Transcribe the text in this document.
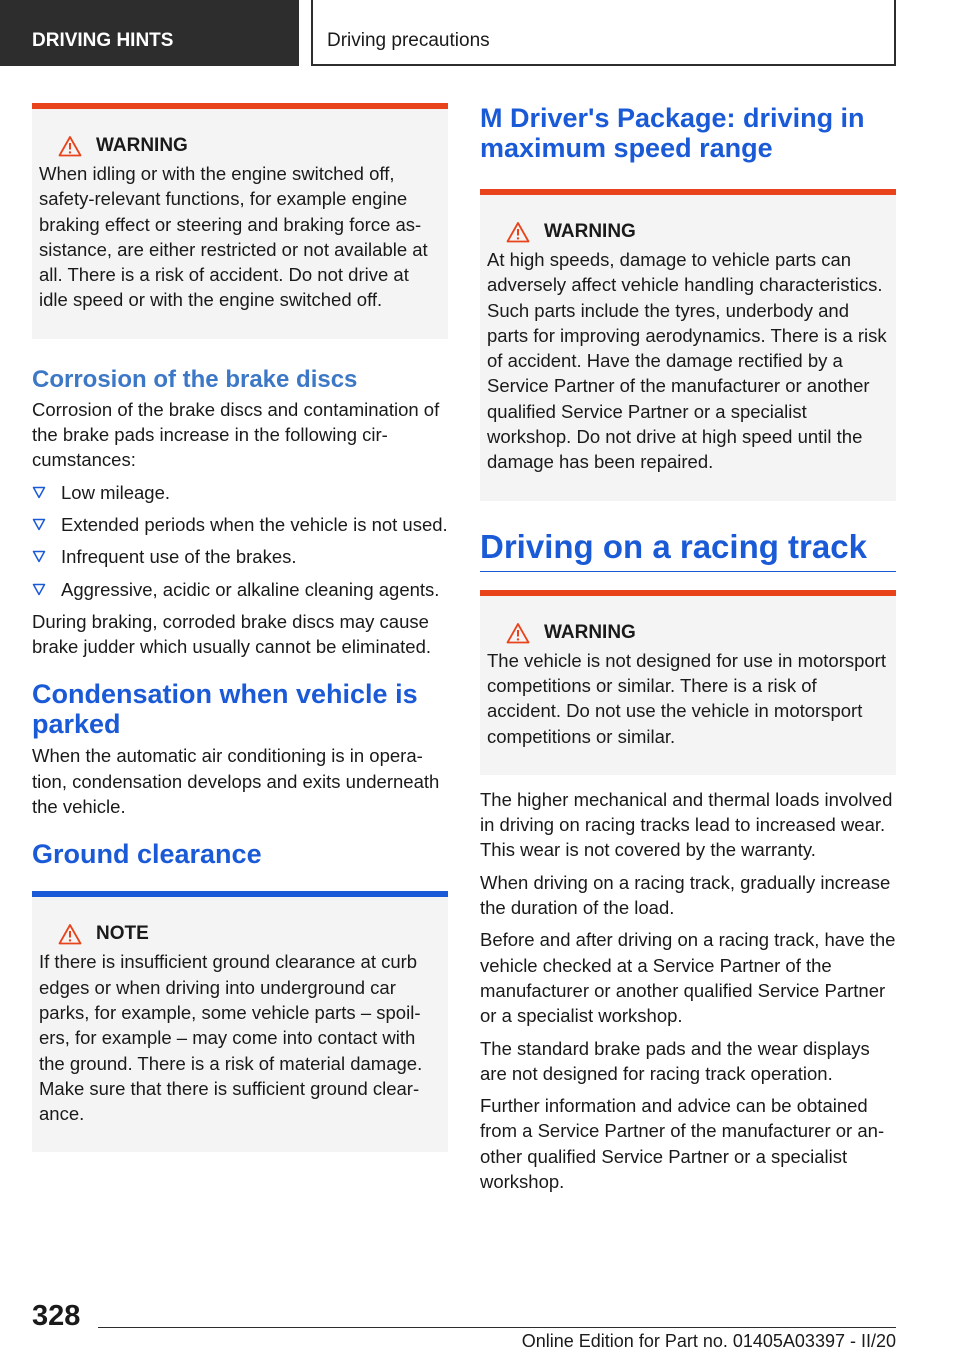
DRIVING HINTS	Driving precautions
WARNING
When idling or with the engine switched off, safety-relevant functions, for example engine braking effect or steering and braking force assistance, are either restricted or not available at all. There is a risk of accident. Do not drive at idle speed or with the engine switched off.
Corrosion of the brake discs

Corrosion of the brake discs and contamination of the brake pads increase in the following circumstances:

Low mileage.
Extended periods when the vehicle is not used.
Infrequent use of the brakes.
Aggressive, acidic or alkaline cleaning agents.

During braking, corroded brake discs may cause brake judder which usually cannot be eliminated.

Condensation when vehicle is parked

When the automatic air conditioning is in operation, condensation develops and exits underneath the vehicle.

Ground clearance
NOTE
If there is insufficient ground clearance at curb edges or when driving into underground car parks, for example, some vehicle parts – spoilers, for example – may come into contact with the ground. There is a risk of material damage. Make sure that there is sufficient ground clearance.
M Driver's Package: driving in maximum speed range
WARNING
At high speeds, damage to vehicle parts can adversely affect vehicle handling characteristics. Such parts include the tyres, underbody and parts for improving aerodynamics. There is a risk of accident. Have the damage rectified by a Service Partner of the manufacturer or another qualified Service Partner or a specialist workshop. Do not drive at high speed until the damage has been repaired.
Driving on a racing track
WARNING
The vehicle is not designed for use in motorsport competitions or similar. There is a risk of accident. Do not use the vehicle in motorsport competitions or similar.

The higher mechanical and thermal loads involved in driving on racing tracks lead to increased wear. This wear is not covered by the warranty.

When driving on a racing track, gradually increase the duration of the load.

Before and after driving on a racing track, have the vehicle checked at a Service Partner of the manufacturer or another qualified Service Partner or a specialist workshop.

The standard brake pads and the wear displays are not designed for racing track operation.

Further information and advice can be obtained from a Service Partner of the manufacturer or another qualified Service Partner or a specialist workshop.

328
Online Edition for Part no. 01405A03397 - II/20
